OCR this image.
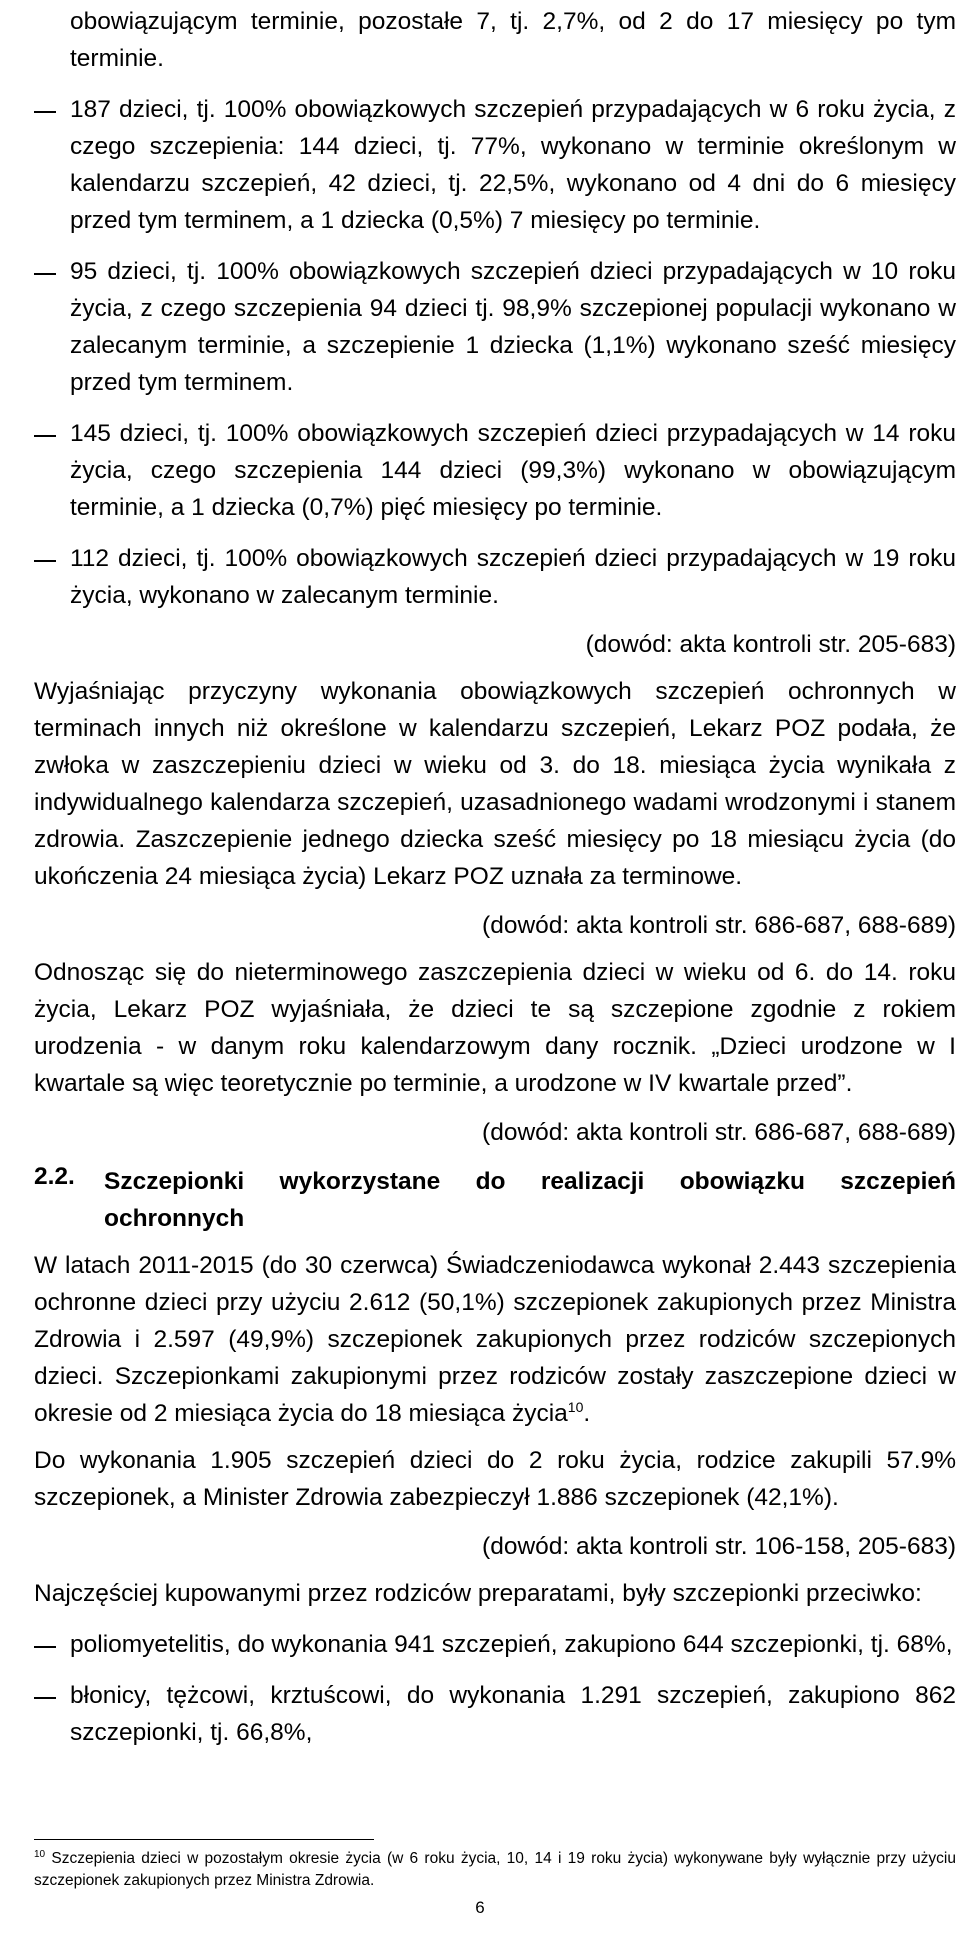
obowiązującym terminie, pozostałe 7, tj. 2,7%, od 2 do 17 miesięcy po tym terminie.

187 dzieci, tj. 100% obowiązkowych szczepień przypadających w 6 roku życia, z czego szczepienia: 144 dzieci, tj. 77%, wykonano w terminie określonym w kalendarzu szczepień, 42 dzieci, tj. 22,5%, wykonano od 4 dni do 6 miesięcy przed tym terminem, a 1 dziecka (0,5%) 7 miesięcy po terminie.

95 dzieci, tj. 100% obowiązkowych szczepień dzieci przypadających w 10 roku życia, z czego szczepienia 94 dzieci tj. 98,9% szczepionej populacji wykonano w zalecanym terminie, a szczepienie 1 dziecka (1,1%) wykonano sześć miesięcy przed tym terminem.

145 dzieci, tj. 100% obowiązkowych szczepień dzieci przypadających w 14 roku życia, czego szczepienia 144 dzieci (99,3%) wykonano w obowiązującym terminie, a 1 dziecka (0,7%) pięć miesięcy po terminie.

112 dzieci, tj. 100% obowiązkowych szczepień dzieci przypadających w 19 roku życia, wykonano w zalecanym terminie.

(dowód: akta kontroli str. 205-683)

Wyjaśniając przyczyny wykonania obowiązkowych szczepień ochronnych w terminach innych niż określone w kalendarzu szczepień, Lekarz POZ podała, że zwłoka w zaszczepieniu dzieci w wieku od 3. do 18. miesiąca życia wynikała z indywidualnego kalendarza szczepień, uzasadnionego wadami wrodzonymi i stanem zdrowia. Zaszczepienie jednego dziecka sześć miesięcy po 18 miesiącu życia (do ukończenia 24 miesiąca życia) Lekarz POZ uznała za terminowe.

(dowód: akta kontroli str. 686-687, 688-689)

Odnosząc się do nieterminowego zaszczepienia dzieci w wieku od 6. do 14. roku życia, Lekarz POZ wyjaśniała, że dzieci te są szczepione zgodnie z rokiem urodzenia - w danym roku kalendarzowym dany rocznik. „Dzieci urodzone w I kwartale są więc teoretycznie po terminie, a urodzone w IV kwartale przed”.

(dowód: akta kontroli str. 686-687, 688-689)

2.2. Szczepionki wykorzystane do realizacji obowiązku szczepień ochronnych

W latach 2011-2015 (do 30 czerwca) Świadczeniodawca wykonał 2.443 szczepienia ochronne dzieci przy użyciu 2.612 (50,1%) szczepionek zakupionych przez Ministra Zdrowia i 2.597 (49,9%) szczepionek zakupionych przez rodziców szczepionych dzieci. Szczepionkami zakupionymi przez rodziców zostały zaszczepione dzieci w okresie od 2 miesiąca życia do 18 miesiąca życia$^{10}$.

Do wykonania 1.905 szczepień dzieci do 2 roku życia, rodzice zakupili 57.9% szczepionek, a Minister Zdrowia zabezpieczył 1.886 szczepionek (42,1%).

(dowód: akta kontroli str. 106-158, 205-683)

Najczęściej kupowanymi przez rodziców preparatami, były szczepionki przeciwko:

poliomyetelitis, do wykonania 941 szczepień, zakupiono 644 szczepionki, tj. 68%,

błonicy, tężcowi, krztuścowi, do wykonania 1.291 szczepień, zakupiono 862 szczepionki, tj. 66,8%,

$^{10}$ Szczepienia dzieci w pozostałym okresie życia (w 6 roku życia, 10, 14 i 19 roku życia) wykonywane były wyłącznie przy użyciu szczepionek zakupionych przez Ministra Zdrowia.

6
